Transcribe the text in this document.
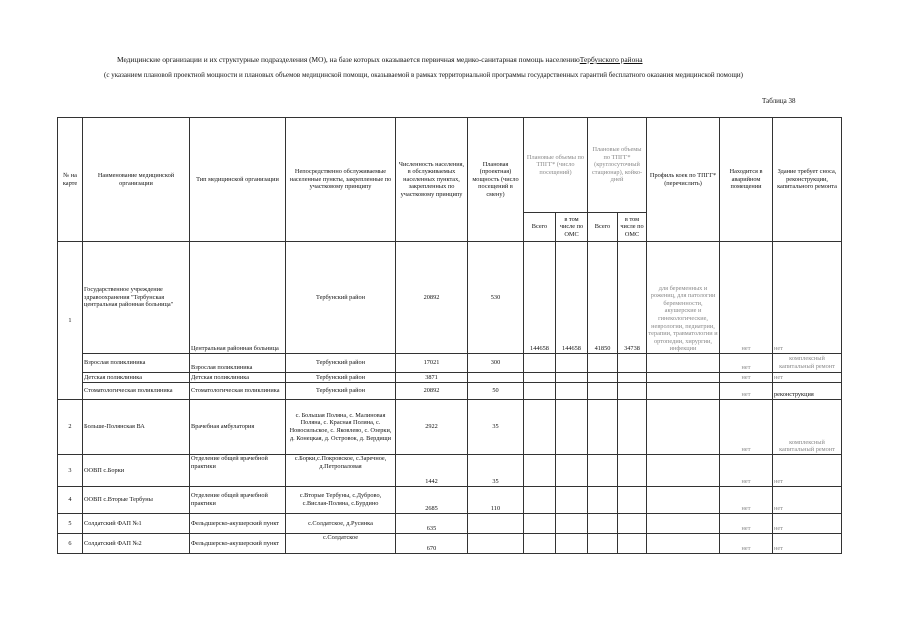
Медицинские организации и их структурные подразделения (МО), на базе которых оказывается первичная медико-санитарная помощь населениюТербунского района
(с указанием плановой проектной мощности и плановых объемов медицинской помощи, оказываемой в рамках территориальной программы государственных гарантий бесплатного оказания медицинской помощи)
Таблица 38
№ на карте	Наименование медицинской организации	Тип медицинской организации	Непосредственно обслуживаемые населенные пункты, закрепленные по участковому принципу	Численность населения, в обслуживаемых населенных пунктах, закрепленных по участковому принципу	Плановая (проектная) мощность (число посещений в смену)	Плановые объемы по ТПГГ* (число посещений)		Плановые объемы по ТПГГ* (круглосуточный стационар), койко-дней		Профиль коек по ТПГГ* (перечислить)	Находится в аварийном помещении	Здание требует сноса, реконструкции, капитального ремонта
						Всего	в том числе по ОМС	Всего	в том числе по ОМС			
1	Государственное учреждение здравоохранения "Тербунская центральная районная больница"	Центральная районная больница	Тербунский район	20892	530	144658	144658	41850	34738	для беременных и рожениц, для патологии беременности, акушерские и гинекологические, неврологии, педиатрии, терапии, травматологии и ортопедии, хирургии, инфекции	нет	нет
	Взрослая поликлиника	Взрослая поликлиника	Тербунский район	17021	300						нет	комплексный капитальный ремонт
	Детская поликлиника	Детская поликлиника	Тербунский район	3871							нет	нет
	Стоматологическая поликлиника	Стоматологическая поликлиника	Тербунский район	20892	50						нет	реконструкция
2	Больше-Полянская ВА	Врачебная амбулатория	с. Большая Поляна, с. Малиновая Поляна, с. Красная Поляна, с. Новосильское, с. Яковлево, с. Озерки, д. Конецкая, д. Островок, д. Вердищи	2922	35						нет	комплексный капитальный ремонт
3	ООВП с.Борки	Отделение общей врачебной практики	с.Борки,с.Покровское, с.Заречное, д.Петропаловая	1442	35						нет	нет
4	ООВП с.Вторые Тербуны	Отделение общей врачебной практики	с.Вторые Тербуны, с.Дуброво, с.Вислая-Полянa, с.Бурдино	2685	110						нет	нет
5	Солдатский ФАП №1	Фельдшерско-акушерский пункт	с.Солдатское, д.Русинка	635							нет	нет
6	Солдатский ФАП №2	Фельдшерско-акушерский пункт	с.Солдатское	670							нет	нет
